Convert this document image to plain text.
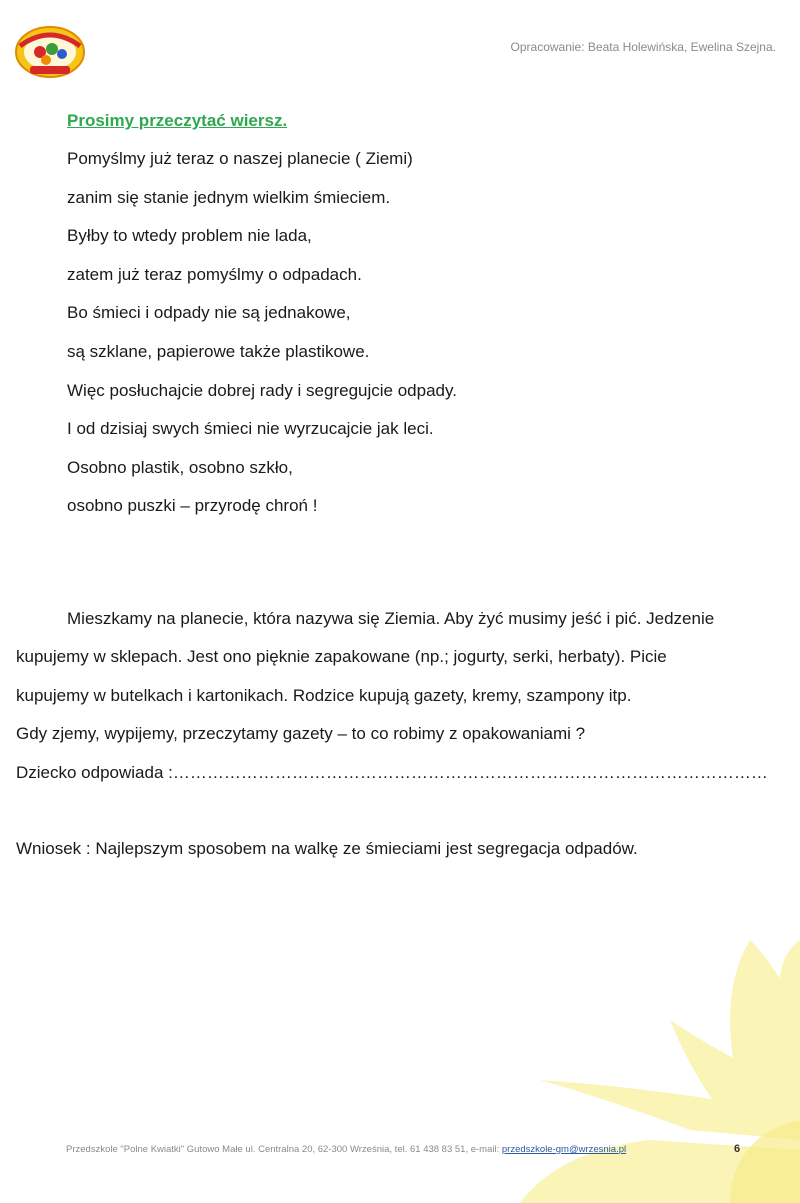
Opracowanie: Beata Holewińska, Ewelina Szejna.
Prosimy przeczytać wiersz.
Pomyślmy już teraz o naszej planecie ( Ziemi)
zanim się stanie jednym wielkim śmieciem.
Byłby to wtedy problem nie lada,
zatem już teraz pomyślmy o odpadach.
Bo śmieci i odpady nie są jednakowe,
są szklane, papierowe także plastikowe.
Więc posłuchajcie dobrej rady i segregujcie odpady.
I od dzisiaj swych śmieci nie wyrzucajcie jak leci.
Osobno plastik, osobno szkło,
osobno puszki – przyrodę chroń !
Mieszkamy na planecie, która nazywa się Ziemia. Aby żyć musimy jeść i pić. Jedzenie
kupujemy w sklepach. Jest ono pięknie zapakowane (np.; jogurty, serki, herbaty). Picie
kupujemy w butelkach i kartonikach. Rodzice kupują gazety, kremy, szampony itp.
Gdy zjemy, wypijemy, przeczytamy gazety – to co robimy z opakowaniami ?
Dziecko odpowiada :……………………………………………………………………………………………
Wniosek : Najlepszym sposobem na walkę ze śmieciami jest segregacja odpadów.
Przedszkole "Polne Kwiatki" Gutowo Małe ul. Centralna 20, 62-300 Września, tel. 61 438 83 51, e-mail: przedszkole-gm@wrzesnia.pl	6
